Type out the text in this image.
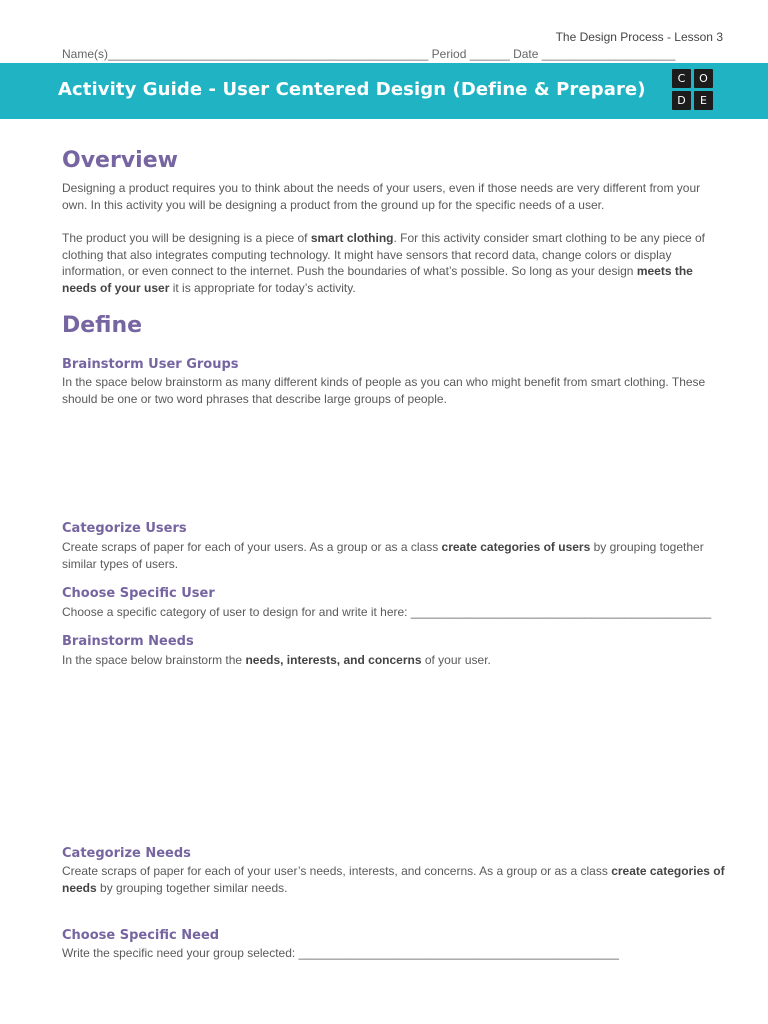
The Design Process - Lesson 3
Name(s)________________________________________________ Period ______ Date ____________________
Activity Guide - User Centered Design (Define & Prepare)
C	O
D	E
Overview

Designing a product requires you to think about the needs of your users, even if those needs are very different from your own. In this activity you will be designing a product from the ground up for the specific needs of a user.

The product you will be designing is a piece of smart clothing. For this activity consider smart clothing to be any piece of clothing that also integrates computing technology. It might have sensors that record data, change colors or display information, or even connect to the internet. Push the boundaries of what’s possible. So long as your design meets the needs of your user it is appropriate for today’s activity.

Define
Brainstorm User Groups

In the space below brainstorm as many different kinds of people as you can who might benefit from smart clothing. These should be one or two word phrases that describe large groups of people.

Categorize Users

Create scraps of paper for each of your users. As a group or as a class create categories of users by grouping together similar types of users.

Choose Specific User

Choose a specific category of user to design for and write it here: _____________________________________________

Brainstorm Needs

In the space below brainstorm the needs, interests, and concerns of your user.

Categorize Needs

Create scraps of paper for each of your user’s needs, interests, and concerns. As a group or as a class create categories of needs by grouping together similar needs.

Choose Specific Need

Write the specific need your group selected: ________________________________________________
